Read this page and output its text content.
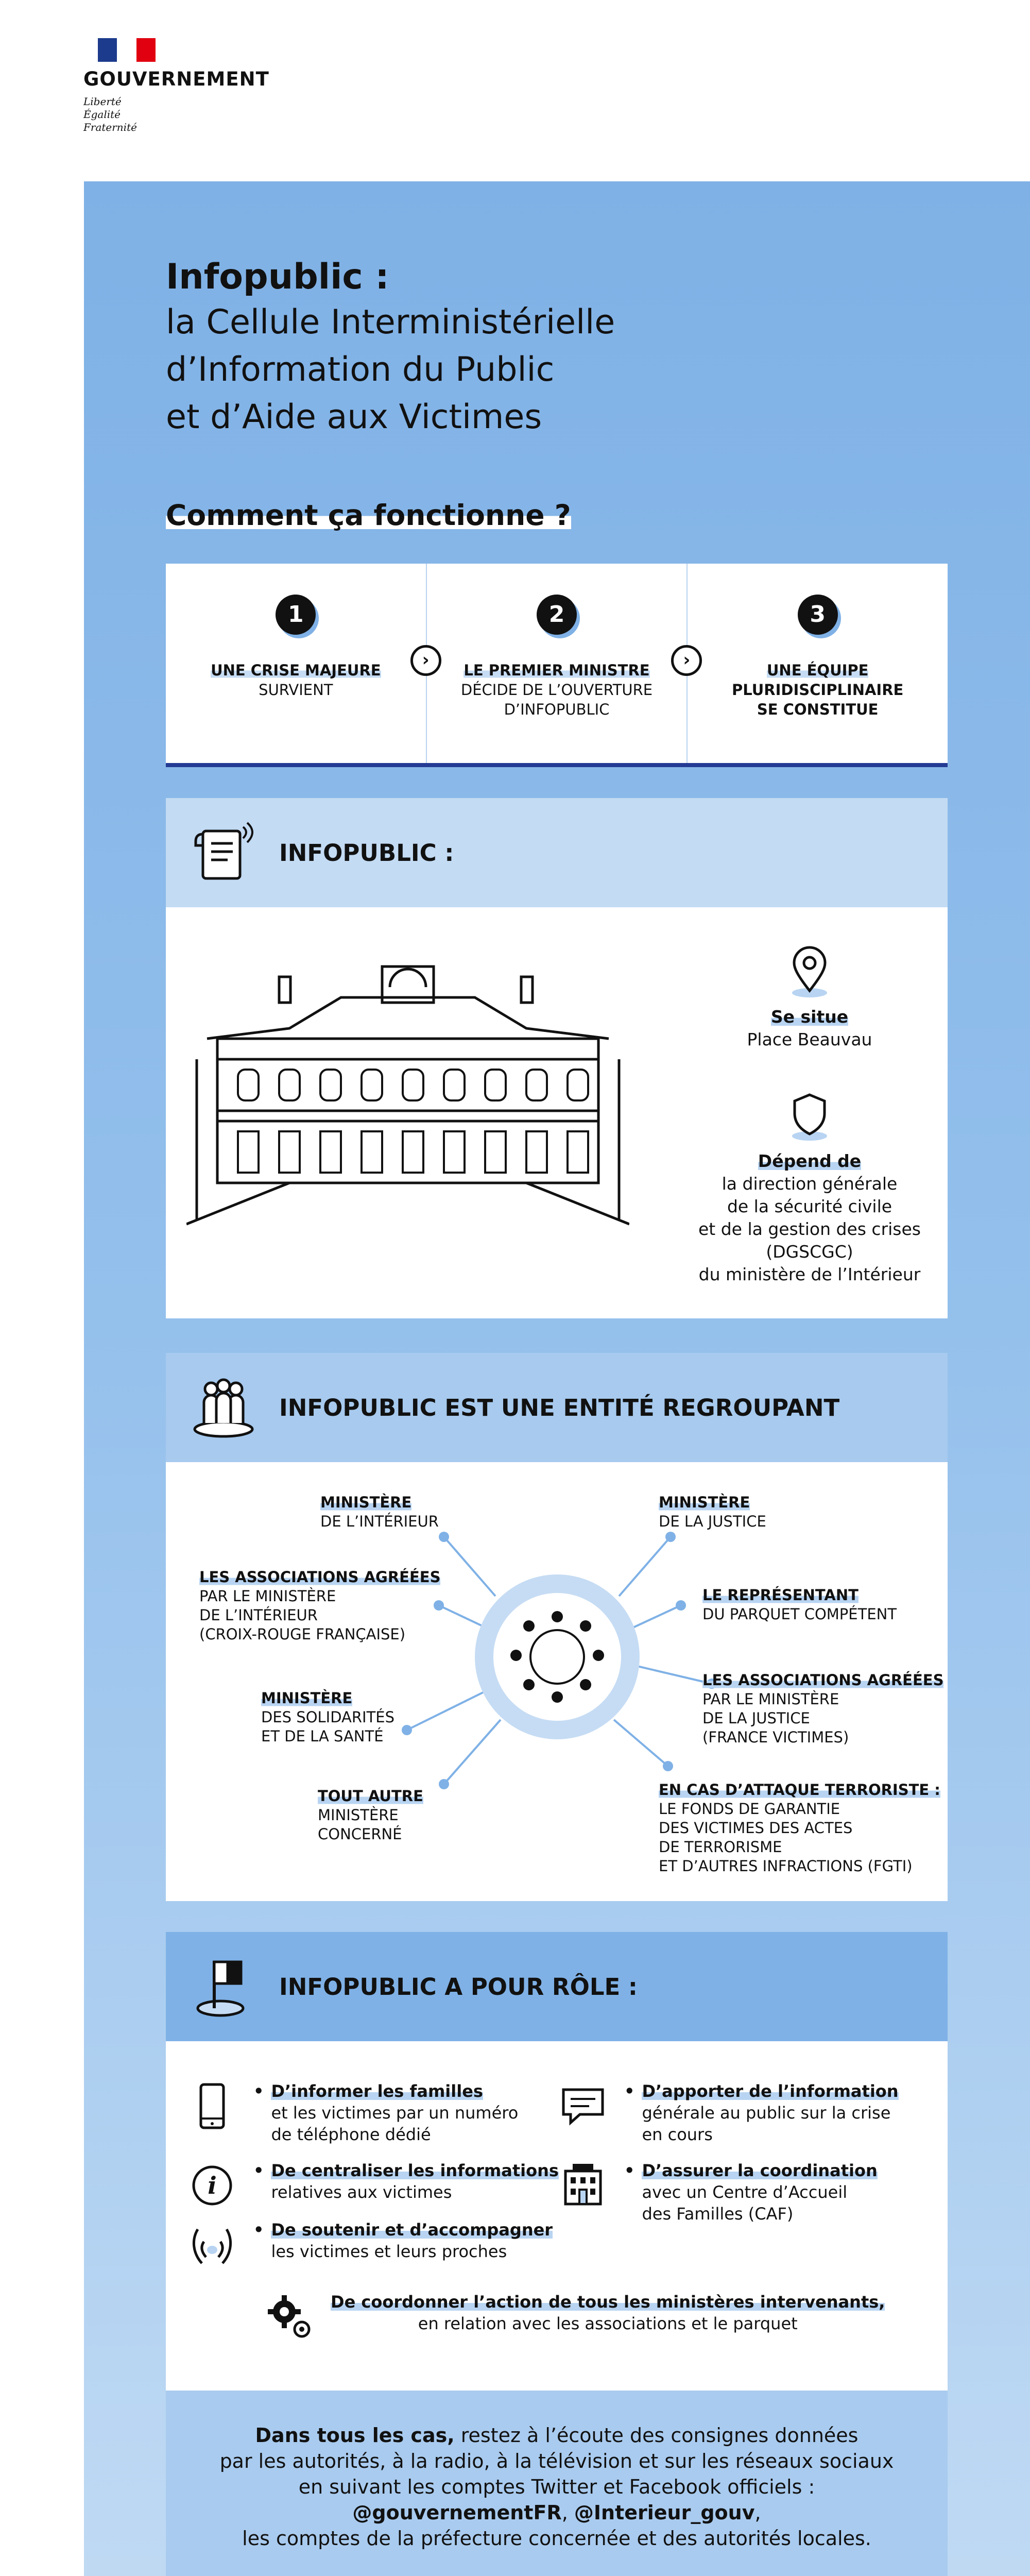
GOUVERNEMENT
Liberté
Égalité
Fraternité
Infopublic :
la Cellule Interministérielle
d’Information du Public
et d’Aide aux Victimes
Comment ça fonctionne ?
1
UNE CRISE MAJEURE
SURVIENT
›
2
LE PREMIER MINISTRE
DÉCIDE DE L’OUVERTURE
D’INFOPUBLIC
›
3
UNE ÉQUIPE
PLURIDISCIPLINAIRE
SE CONSTITUE
INFOPUBLIC :
Se situe
Place Beauvau
Dépend de
la direction générale
de la sécurité civile
et de la gestion des crises
(DGSCGC)
du ministère de l’Intérieur
INFOPUBLIC EST UNE ENTITÉ REGROUPANT
MINISTÈRE
DE L’INTÉRIEUR
LES ASSOCIATIONS AGRÉÉES
PAR LE MINISTÈRE
DE L’INTÉRIEUR
(CROIX-ROUGE FRANÇAISE)
MINISTÈRE
DES SOLIDARITÉS
ET DE LA SANTÉ
TOUT AUTRE
MINISTÈRE
CONCERNÉ
MINISTÈRE
DE LA JUSTICE
LE REPRÉSENTANT
DU PARQUET COMPÉTENT
LES ASSOCIATIONS AGRÉÉES
PAR LE MINISTÈRE
DE LA JUSTICE
(FRANCE VICTIMES)
EN CAS D’ATTAQUE TERRORISTE :
LE FONDS DE GARANTIE
DES VICTIMES DES ACTES
DE TERRORISME
ET D’AUTRES INFRACTIONS (FGTI)
INFOPUBLIC A POUR RÔLE :
• D’informer les familles
et les victimes par un numéro
de téléphone dédié
i
• De centraliser les informations
relatives aux victimes
• De soutenir et d’accompagner
les victimes et leurs proches
• D’apporter de l’information
générale au public sur la crise
en cours
• D’assurer la coordination
avec un Centre d’Accueil
des Familles (CAF)
De coordonner l’action de tous les ministères intervenants,
en relation avec les associations et le parquet
Dans tous les cas, restez à l’écoute des consignes données
par les autorités, à la radio, à la télévision et sur les réseaux sociaux
en suivant les comptes Twitter et Facebook officiels :
@gouvernementFR, @Interieur_gouv,
les comptes de la préfecture concernée et des autorités locales.
